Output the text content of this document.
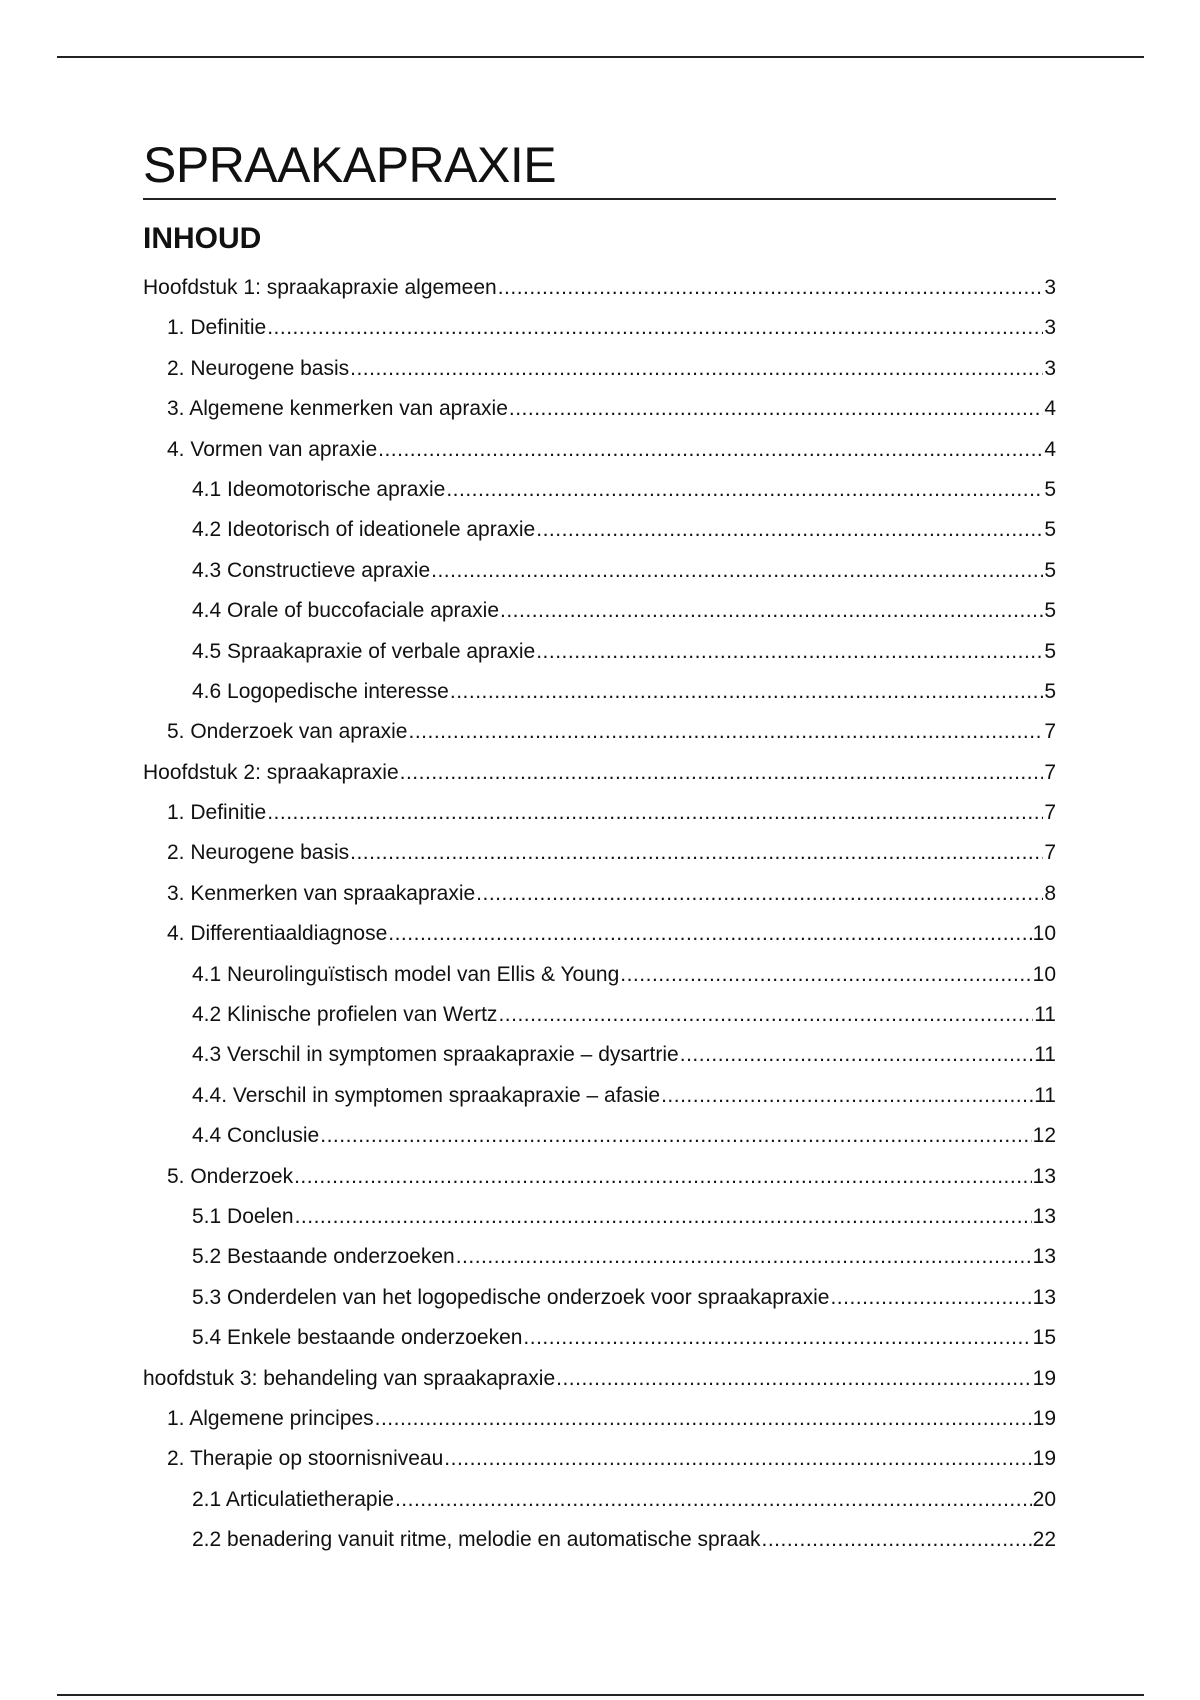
SPRAAKAPRAXIE
INHOUD
Hoofdstuk 1: spraakapraxie algemeen .....	3
1. Definitie .....	3
2. Neurogene basis .....	3
3. Algemene kenmerken van apraxie .....	4
4. Vormen van apraxie .....	4
4.1 Ideomotorische apraxie .....	5
4.2 Ideotorisch of ideationele apraxie .....	5
4.3 Constructieve apraxie .....	5
4.4 Orale of buccofaciale apraxie .....	5
4.5 Spraakapraxie of verbale apraxie .....	5
4.6 Logopedische interesse .....	5
5. Onderzoek van apraxie .....	7
Hoofdstuk 2: spraakapraxie .....	7
1. Definitie .....	7
2. Neurogene basis .....	7
3. Kenmerken van spraakapraxie .....	8
4. Differentiaaldiagnose .....	10
4.1 Neurolinguïstisch model van Ellis & Young .....	10
4.2 Klinische profielen van Wertz .....	11
4.3 Verschil in symptomen spraakapraxie – dysartrie .....	11
4.4. Verschil in symptomen spraakapraxie – afasie .....	11
4.4 Conclusie .....	12
5. Onderzoek .....	13
5.1 Doelen .....	13
5.2 Bestaande onderzoeken .....	13
5.3 Onderdelen van het logopedische onderzoek voor spraakapraxie .....	13
5.4 Enkele bestaande onderzoeken .....	15
hoofdstuk 3: behandeling van spraakapraxie .....	19
1. Algemene principes .....	19
2. Therapie op stoornisniveau .....	19
2.1 Articulatietherapie .....	20
2.2 benadering vanuit ritme, melodie en automatische spraak .....	22
